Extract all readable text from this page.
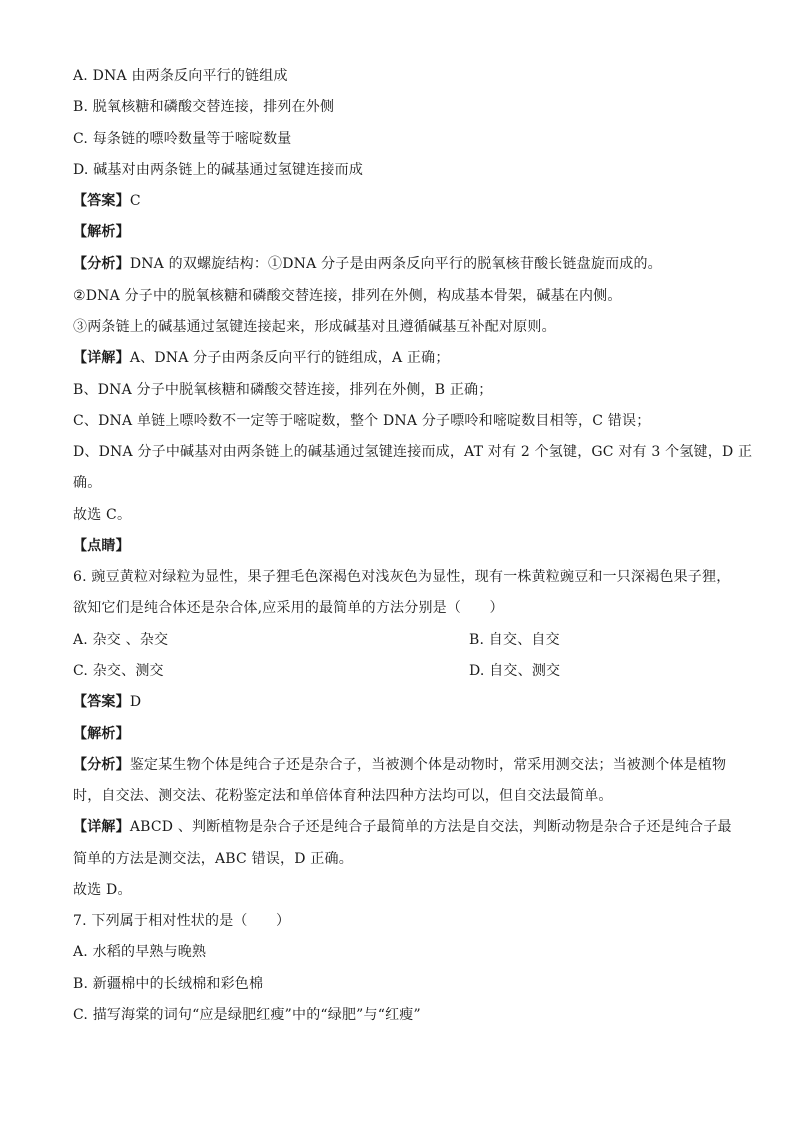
A. DNA 由两条反向平行的链组成
B. 脱氧核糖和磷酸交替连接，排列在外侧
C. 每条链的嘌呤数量等于嘧啶数量
D. 碱基对由两条链上的碱基通过氢键连接而成
【答案】C
【解析】
【分析】DNA 的双螺旋结构：①DNA 分子是由两条反向平行的脱氧核苷酸长链盘旋而成的。
②DNA 分子中的脱氧核糖和磷酸交替连接，排列在外侧，构成基本骨架，碱基在内侧。
③两条链上的碱基通过氢键连接起来，形成碱基对且遵循碱基互补配对原则。
【详解】A、DNA 分子由两条反向平行的链组成，A 正确；
B、DNA 分子中脱氧核糖和磷酸交替连接，排列在外侧，B 正确；
C、DNA 单链上嘌呤数不一定等于嘧啶数，整个 DNA 分子嘌呤和嘧啶数目相等，C 错误；
D、DNA 分子中碱基对由两条链上的碱基通过氢键连接而成，AT 对有 2 个氢键，GC 对有 3 个氢键，D 正
确。
故选 C。
【点睛】
6. 豌豆黄粒对绿粒为显性，果子狸毛色深褐色对浅灰色为显性，现有一株黄粒豌豆和一只深褐色果子狸，
欲知它们是纯合体还是杂合体,应采用的最简单的方法分别是（　　）
A. 杂交 、杂交	B. 自交、自交
C. 杂交、测交	D. 自交、测交
【答案】D
【解析】
【分析】鉴定某生物个体是纯合子还是杂合子，当被测个体是动物时，常采用测交法；当被测个体是植物
时，自交法、测交法、花粉鉴定法和单倍体育种法四种方法均可以，但自交法最简单。
【详解】ABCD 、判断植物是杂合子还是纯合子最简单的方法是自交法，判断动物是杂合子还是纯合子最
简单的方法是测交法，ABC 错误，D 正确。
故选 D。
7. 下列属于相对性状的是（　　）
A. 水稻的早熟与晚熟
B. 新疆棉中的长绒棉和彩色棉
C. 描写海棠的词句“应是绿肥红瘦”中的“绿肥”与“红瘦”
